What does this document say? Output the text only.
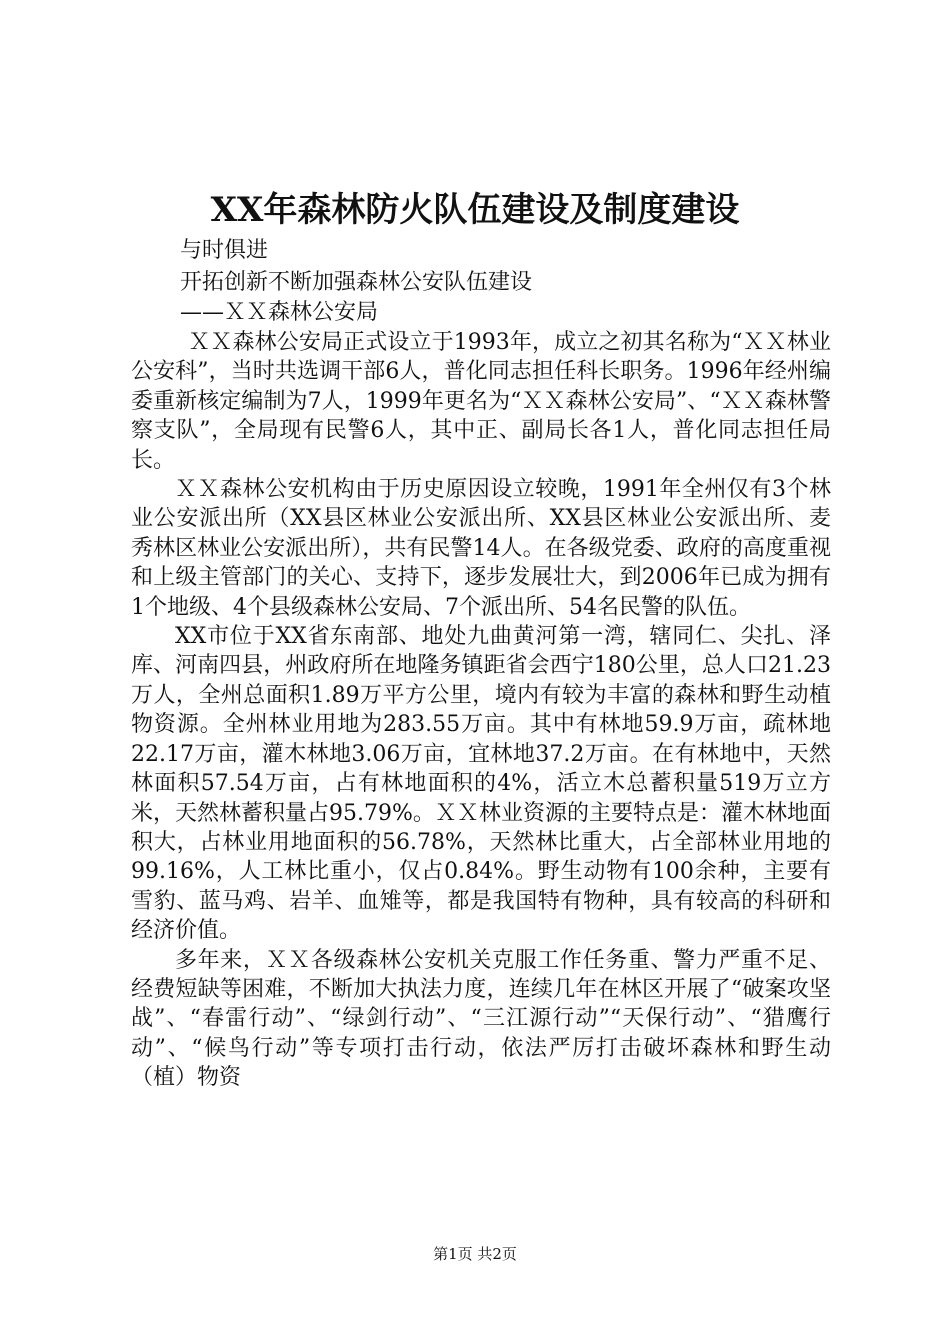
XX年森林防火队伍建设及制度建设

与时俱进

开拓创新不断加强森林公安队伍建设

——ＸＸ森林公安局

ＸＸ森林公安局正式设立于1993年，成立之初其名称为“ＸＸ林业公安科”，当时共选调干部6人，普化同志担任科长职务。1996年经州编委重新核定编制为7人，1999年更名为“ＸＸ森林公安局”、“ＸＸ森林警察支队”，全局现有民警6人，其中正、副局长各1人，普化同志担任局长。

ＸＸ森林公安机构由于历史原因设立较晚，1991年全州仅有3个林业公安派出所（XX县区林业公安派出所、XX县区林业公安派出所、麦秀林区林业公安派出所），共有民警14人。在各级党委、政府的高度重视和上级主管部门的关心、支持下，逐步发展壮大，到2006年已成为拥有1个地级、4个县级森林公安局、7个派出所、54名民警的队伍。

XX市位于XX省东南部、地处九曲黄河第一湾，辖同仁、尖扎、泽库、河南四县，州政府所在地隆务镇距省会西宁180公里，总人口21.23万人，全州总面积1.89万平方公里，境内有较为丰富的森林和野生动植物资源。全州林业用地为283.55万亩。其中有林地59.9万亩，疏林地22.17万亩，灌木林地3.06万亩，宜林地37.2万亩。在有林地中，天然林面积57.54万亩，占有林地面积的4%，活立木总蓄积量519万立方米，天然林蓄积量占95.79%。ＸＸ林业资源的主要特点是：灌木林地面积大，占林业用地面积的56.78%，天然林比重大，占全部林业用地的99.16%，人工林比重小，仅占0.84%。野生动物有100余种，主要有雪豹、蓝马鸡、岩羊、血雉等，都是我国特有物种，具有较高的科研和经济价值。

多年来，ＸＸ各级森林公安机关克服工作任务重、警力严重不足、经费短缺等困难，不断加大执法力度，连续几年在林区开展了“破案攻坚战”、“春雷行动”、“绿剑行动”、“三江源行动”“天保行动”、“猎鹰行动”、“候鸟行动”等专项打击行动，依法严厉打击破坏森林和野生动（植）物资

第1页 共2页
